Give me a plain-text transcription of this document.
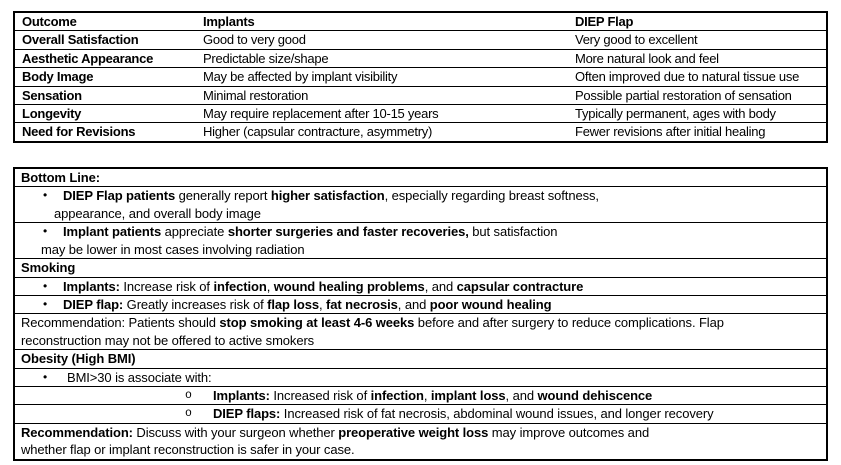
Outcome	Implants	DIEP Flap
Overall Satisfaction	Good to very good	Very good to excellent
Aesthetic Appearance	Predictable size/shape	More natural look and feel
Body Image	May be affected by implant visibility	Often improved due to natural tissue use
Sensation	Minimal restoration	Possible partial restoration of sensation
Longevity	May require replacement after 10-15 years	Typically permanent, ages with body
Need for Revisions	Higher (capsular contracture, asymmetry)	Fewer revisions after initial healing
Bottom Line:
•	DIEP Flap patients generally report higher satisfaction, especially regarding breast softness,
appearance, and overall body image
•	Implant patients appreciate shorter surgeries and faster recoveries, but satisfaction
may be lower in most cases involving radiation
Smoking
•	Implants: Increase risk of infection, wound healing problems, and capsular contracture
•	DIEP flap: Greatly increases risk of flap loss, fat necrosis, and poor wound healing
Recommendation: Patients should stop smoking at least 4-6 weeks before and after surgery to reduce complications. Flap
reconstruction may not be offered to active smokers
Obesity (High BMI)
•	BMI>30 is associate with:
o	Implants: Increased risk of infection, implant loss, and wound dehiscence
o	DIEP flaps: Increased risk of fat necrosis, abdominal wound issues, and longer recovery
Recommendation: Discuss with your surgeon whether preoperative weight loss may improve outcomes and
whether flap or implant reconstruction is safer in your case.
